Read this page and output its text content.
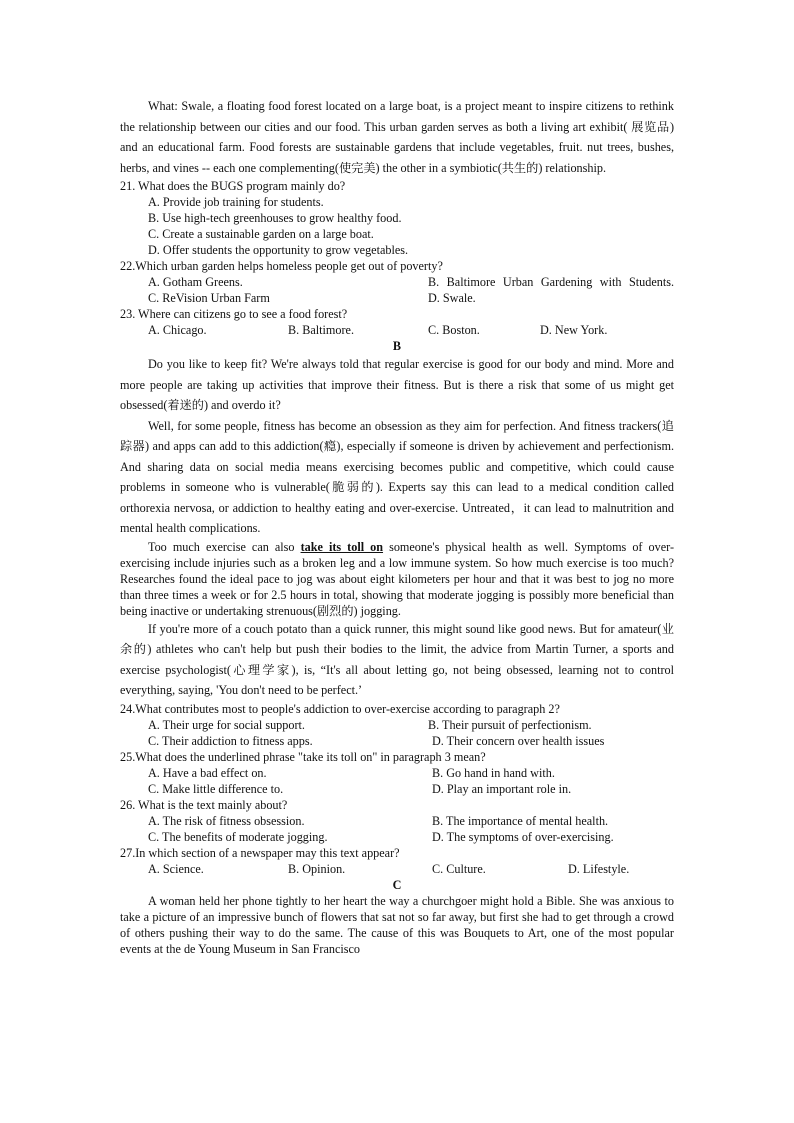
What: Swale, a floating food forest located on a large boat, is a project meant to inspire citizens to rethink the relationship between our cities and our food. This urban garden serves as both a living art exhibit( 展览品) and an educational farm. Food forests are sustainable gardens that include vegetables, fruit. nut trees, bushes, herbs, and vines -- each one complementing(使完美) the other in a symbiotic(共生的) relationship.

21. What does the BUGS program mainly do?

A. Provide job training for students.

B. Use high-tech greenhouses to grow healthy food.

C. Create a sustainable garden on a large boat.

D. Offer students the opportunity to grow vegetables.

22.Which urban garden helps homeless people get out of poverty?

A. Gotham Greens.	B. Baltimore Urban Gardening with Students.
C. ReVision Urban Farm	D. Swale.

23. Where can citizens go to see a food forest?

A. Chicago.	B. Baltimore.	C. Boston.	D. New York.

B

Do you like to keep fit? We're always told that regular exercise is good for our body and mind. More and more people are taking up activities that improve their fitness. But is there a risk that some of us might get obsessed(着迷的) and overdo it?

Well, for some people, fitness has become an obsession as they aim for perfection. And fitness trackers(追踪器) and apps can add to this addiction(瘾), especially if someone is driven by achievement and perfectionism. And sharing data on social media means exercising becomes public and competitive, which could cause problems in someone who is vulnerable(脆弱的). Experts say this can lead to a medical condition called orthorexia nervosa, or addiction to healthy eating and over-exercise. Untreated，it can lead to malnutrition and mental health complications.

Too much exercise can also take its toll on someone's physical health as well. Symptoms of over-exercising include injuries such as a broken leg and a low immune system. So how much exercise is too much? Researches found the ideal pace to jog was about eight kilometers per hour and that it was best to jog no more than three times a week or for 2.5 hours in total, showing that moderate jogging is possibly more beneficial than being inactive or undertaking strenuous(剧烈的) jogging.

If you're more of a couch potato than a quick runner, this might sound like good news. But for amateur(业余的) athletes who can't help but push their bodies to the limit, the advice from Martin Turner, a sports and exercise psychologist(心理学家), is, “It's all about letting go, not being obsessed, learning not to control everything, saying, 'You don't need to be perfect.’

24.What contributes most to people's addiction to over-exercise according to paragraph 2?

A. Their urge for social support.	B. Their pursuit of perfectionism.
C. Their addiction to fitness apps.	D. Their concern over health issues

25.What does the underlined phrase "take its toll on" in paragraph 3 mean?

A. Have a bad effect on.	B. Go hand in hand with.
C. Make little difference to.	D. Play an important role in.

26. What is the text mainly about?

A. The risk of fitness obsession.	B. The importance of mental health.
C. The benefits of moderate jogging.	D. The symptoms of over-exercising.

27.In which section of a newspaper may this text appear?

A. Science.	B. Opinion.	C. Culture.	D. Lifestyle.

C

A woman held her phone tightly to her heart the way a churchgoer might hold a Bible. She was anxious to take a picture of an impressive bunch of flowers that sat not so far away, but first she had to get through a crowd of others pushing their way to do the same. The cause of this was Bouquets to Art, one of the most popular events at the de Young Museum in San Francisco
